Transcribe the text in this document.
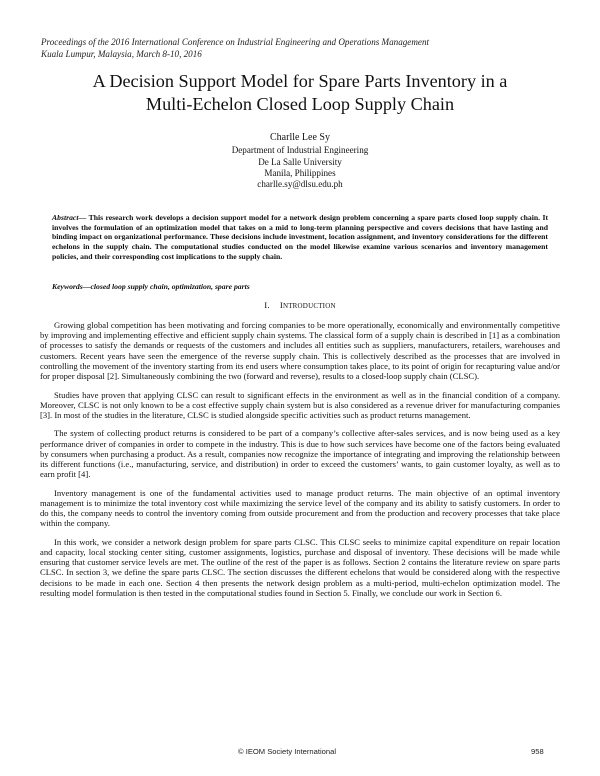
Proceedings of the 2016 International Conference on Industrial Engineering and Operations Management
Kuala Lumpur, Malaysia, March 8-10, 2016
A Decision Support Model for Spare Parts Inventory in a
Multi-Echelon Closed Loop Supply Chain
Charlle Lee Sy
Department of Industrial Engineering
De La Salle University
Manila, Philippines
charlle.sy@dlsu.edu.ph
Abstract— This research work develops a decision support model for a network design problem concerning a spare parts closed loop supply chain. It involves the formulation of an optimization model that takes on a mid to long-term planning perspective and covers decisions that have lasting and binding impact on organizational performance. These decisions include investment, location assignment, and inventory considerations for the different echelons in the supply chain. The computational studies conducted on the model likewise examine various scenarios and inventory management policies, and their corresponding cost implications to the supply chain.
Keywords—closed loop supply chain, optimization, spare parts
I. INTRODUCTION

Growing global competition has been motivating and forcing companies to be more operationally, economically and environmentally competitive by improving and implementing effective and efficient supply chain systems. The classical form of a supply chain is described in [1] as a combination of processes to satisfy the demands or requests of the customers and includes all entities such as suppliers, manufacturers, retailers, warehouses and customers. Recent years have seen the emergence of the reverse supply chain. This is collectively described as the processes that are involved in controlling the movement of the inventory starting from its end users where consumption takes place, to its point of origin for recapturing value and/or for proper disposal [2]. Simultaneously combining the two (forward and reverse), results to a closed-loop supply chain (CLSC).

Studies have proven that applying CLSC can result to significant effects in the environment as well as in the financial condition of a company. Moreover, CLSC is not only known to be a cost effective supply chain system but is also considered as a revenue driver for manufacturing companies [3]. In most of the studies in the literature, CLSC is studied alongside specific activities such as product returns management.

The system of collecting product returns is considered to be part of a company’s collective after-sales services, and is now being used as a key performance driver of companies in order to compete in the industry. This is due to how such services have become one of the factors being evaluated by consumers when purchasing a product. As a result, companies now recognize the importance of integrating and improving the relationship between its different functions (i.e., manufacturing, service, and distribution) in order to exceed the customers’ wants, to gain customer loyalty, as well as to earn profit [4].

Inventory management is one of the fundamental activities used to manage product returns. The main objective of an optimal inventory management is to minimize the total inventory cost while maximizing the service level of the company and its ability to satisfy customers. In order to do this, the company needs to control the inventory coming from outside procurement and from the production and recovery processes that take place within the company.

In this work, we consider a network design problem for spare parts CLSC. This CLSC seeks to minimize capital expenditure on repair location and capacity, local stocking center siting, customer assignments, logistics, purchase and disposal of inventory. These decisions will be made while ensuring that customer service levels are met. The outline of the rest of the paper is as follows. Section 2 contains the literature review on spare parts CLSC. In section 3, we define the spare parts CLSC. The section discusses the different echelons that would be considered along with the respective decisions to be made in each one. Section 4 then presents the network design problem as a multi-period, multi-echelon optimization model. The resulting model formulation is then tested in the computational studies found in Section 5. Finally, we conclude our work in Section 6.

© IEOM Society International	958
